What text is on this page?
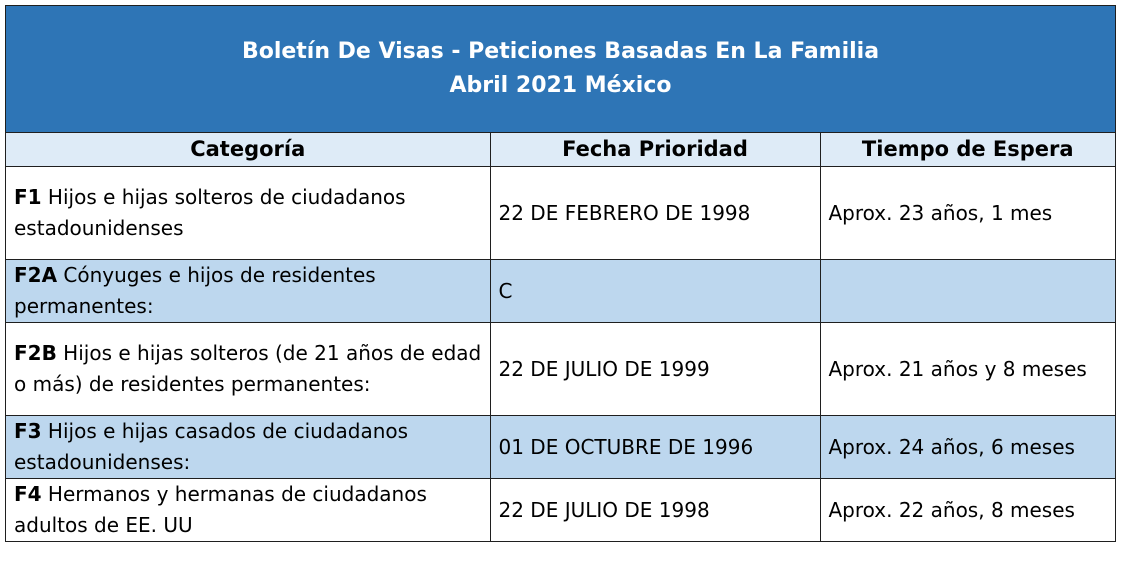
Boletín De Visas - Peticiones Basadas En La Familia
Abril 2021 México
Categoría	Fecha Prioridad	Tiempo de Espera
F1 Hijos e hijas solteros de ciudadanos estadounidenses	22 DE FEBRERO DE 1998	Aprox. 23 años, 1 mes
F2A Cónyuges e hijos de residentes permanentes:	C	
F2B Hijos e hijas solteros (de 21 años de edad o más) de residentes permanentes:	22 DE JULIO DE 1999	Aprox. 21 años y 8 meses
F3 Hijos e hijas casados de ciudadanos estadounidenses:	01 DE OCTUBRE DE 1996	Aprox. 24 años, 6 meses
F4 Hermanos y hermanas de ciudadanos adultos de EE. UU	22 DE JULIO DE 1998	Aprox. 22 años, 8 meses
